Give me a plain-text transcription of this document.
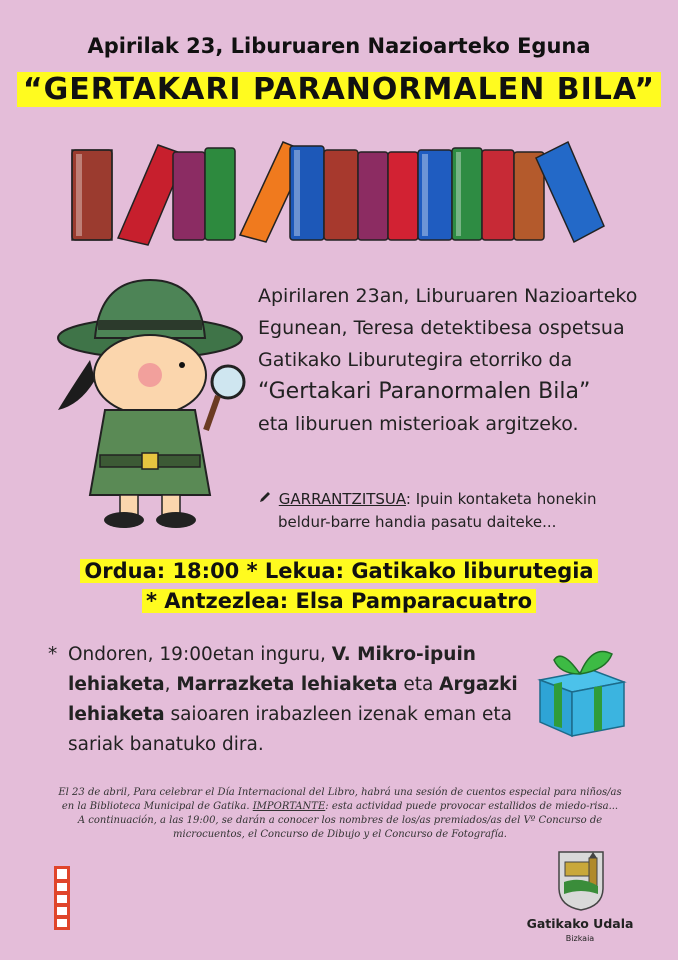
Apirilak 23, Liburuaren Nazioarteko Eguna
“GERTAKARI PARANORMALEN BILA”
Apirilaren 23an, Liburuaren Nazioarteko
Egunean, Teresa detektibesa ospetsua
Gatikako Liburutegira etorriko da
“Gertakari Paranormalen Bila”
eta liburuen misterioak argitzeko.
GARRANTZITSUA: Ipuin kontaketa honekin
beldur-barre handia pasatu daiteke...
Ordua: 18:00 * Lekua: Gatikako liburutegia
* Antzezlea: Elsa Pamparacuatro
* Ondoren, 19:00etan inguru, V. Mikro-ipuin
lehiaketa, Marrazketa lehiaketa eta Argazki
lehiaketa saioaren irabazleen izenak eman eta
sariak banatuko dira.
El 23 de abril, Para celebrar el Día Internacional del Libro, habrá una sesión de cuentos especial para niños/as
en la Biblioteca Municipal de Gatika. IMPORTANTE: esta actividad puede provocar estallidos de miedo-risa...
A continuación, a las 19:00, se darán a conocer los nombres de los/as premiados/as del Vº Concurso de
microcuentos, el Concurso de Dibujo y el Concurso de Fotografía.
Gatikako Udala
Bizkaia
